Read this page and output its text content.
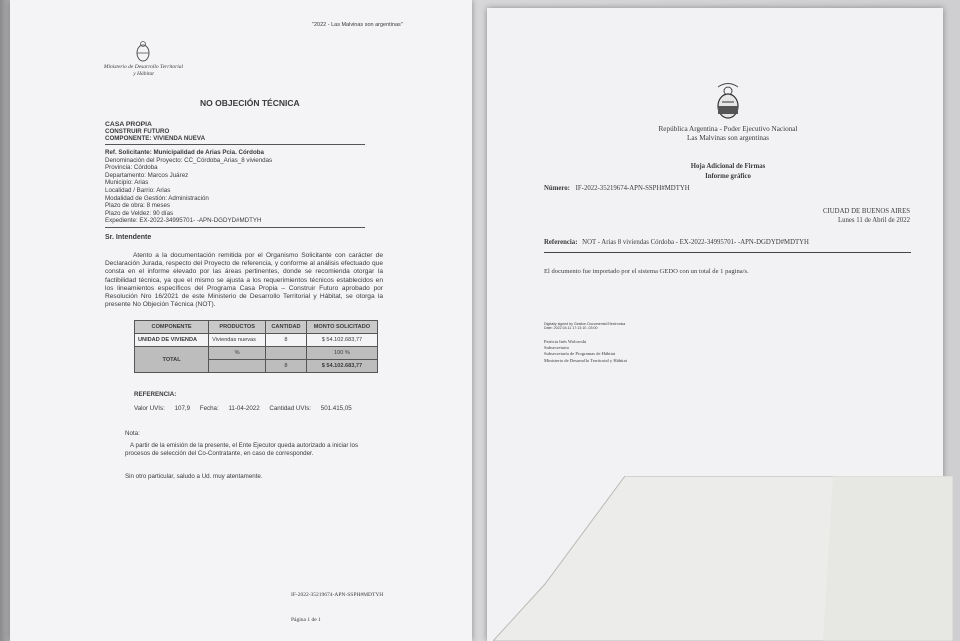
"2022 - Las Malvinas son argentinas"
Ministerio de Desarrollo Territorial
y Hábitat
NO OBJECIÓN TÉCNICA
CASA PROPIA
CONSTRUIR FUTURO
COMPONENTE: VIVIENDA NUEVA
Ref. Solicitante: Municipalidad de Arias Pcia. Córdoba
Denominación del Proyecto: CC_Córdoba_Arias_8 viviendas
Provincia: Córdoba
Departamento: Marcos Juárez
Municipio: Arias
Localidad / Barrio: Arias
Modalidad de Gestión: Administración
Plazo de obra: 8 meses
Plazo de Veldez: 90 días
Expediente: EX-2022-34995701- -APN-DGDYD#MDTYH
Sr. Intendente
Atento a la documentación remitida por el Organismo Solicitante con carácter de Declaración Jurada, respecto del Proyecto de referencia, y conforme al análisis efectuado que consta en el informe elevado por las áreas pertinentes, donde se recomienda otorgar la factibilidad técnica, ya que el mismo se ajusta a los requerimientos técnicos establecidos en los lineamientos específicos del Programa Casa Propia – Construir Futuro aprobado por Resolución Nro 16/2021 de este Ministerio de Desarrollo Territorial y Hábitat, se otorga la presente No Objeción Técnica (NOT).
COMPONENTE	PRODUCTOS	CANTIDAD	MONTO SOLICITADO
UNIDAD DE VIVIENDA	Viviendas nuevas	8	$ 54.102.683,77
TOTAL	%		100 %
		8	$ 54.102.683,77
REFERENCIA:
Valor UVIs: 107,9 Fecha: 11-04-2022 Cantidad UVIs: 501.415,05
Nota:
A partir de la emisión de la presente, el Ente Ejecutor queda autorizado a iniciar los
procesos de selección del Co-Contratante, en caso de corresponder.
Sin otro particular, saludo a Ud. muy atentamente.
IF-2022-35219674-APN-SSPH#MDTYH
Página 1 de 1
República Argentina - Poder Ejecutivo Nacional
Las Malvinas son argentinas
Hoja Adicional de Firmas
Informe gráfico
Número: IF-2022-35219674-APN-SSPH#MDTYH
CIUDAD DE BUENOS AIRES
Lunes 11 de Abril de 2022
Referencia: NOT - Arias 8 viviendas Córdoba - EX-2022-34995701- -APN-DGDYD#MDTYH
El documento fue importado por el sistema GEDO con un total de 1 pagina/s.
Digitally signed by Gestion Documental Electronica
Date: 2022.04.11 17:13:10 -03:00
Patricia Inés Wolowski
Subsecretaria
Subsecretaría de Programas de Hábitat
Ministerio de Desarrollo Territorial y Hábitat
